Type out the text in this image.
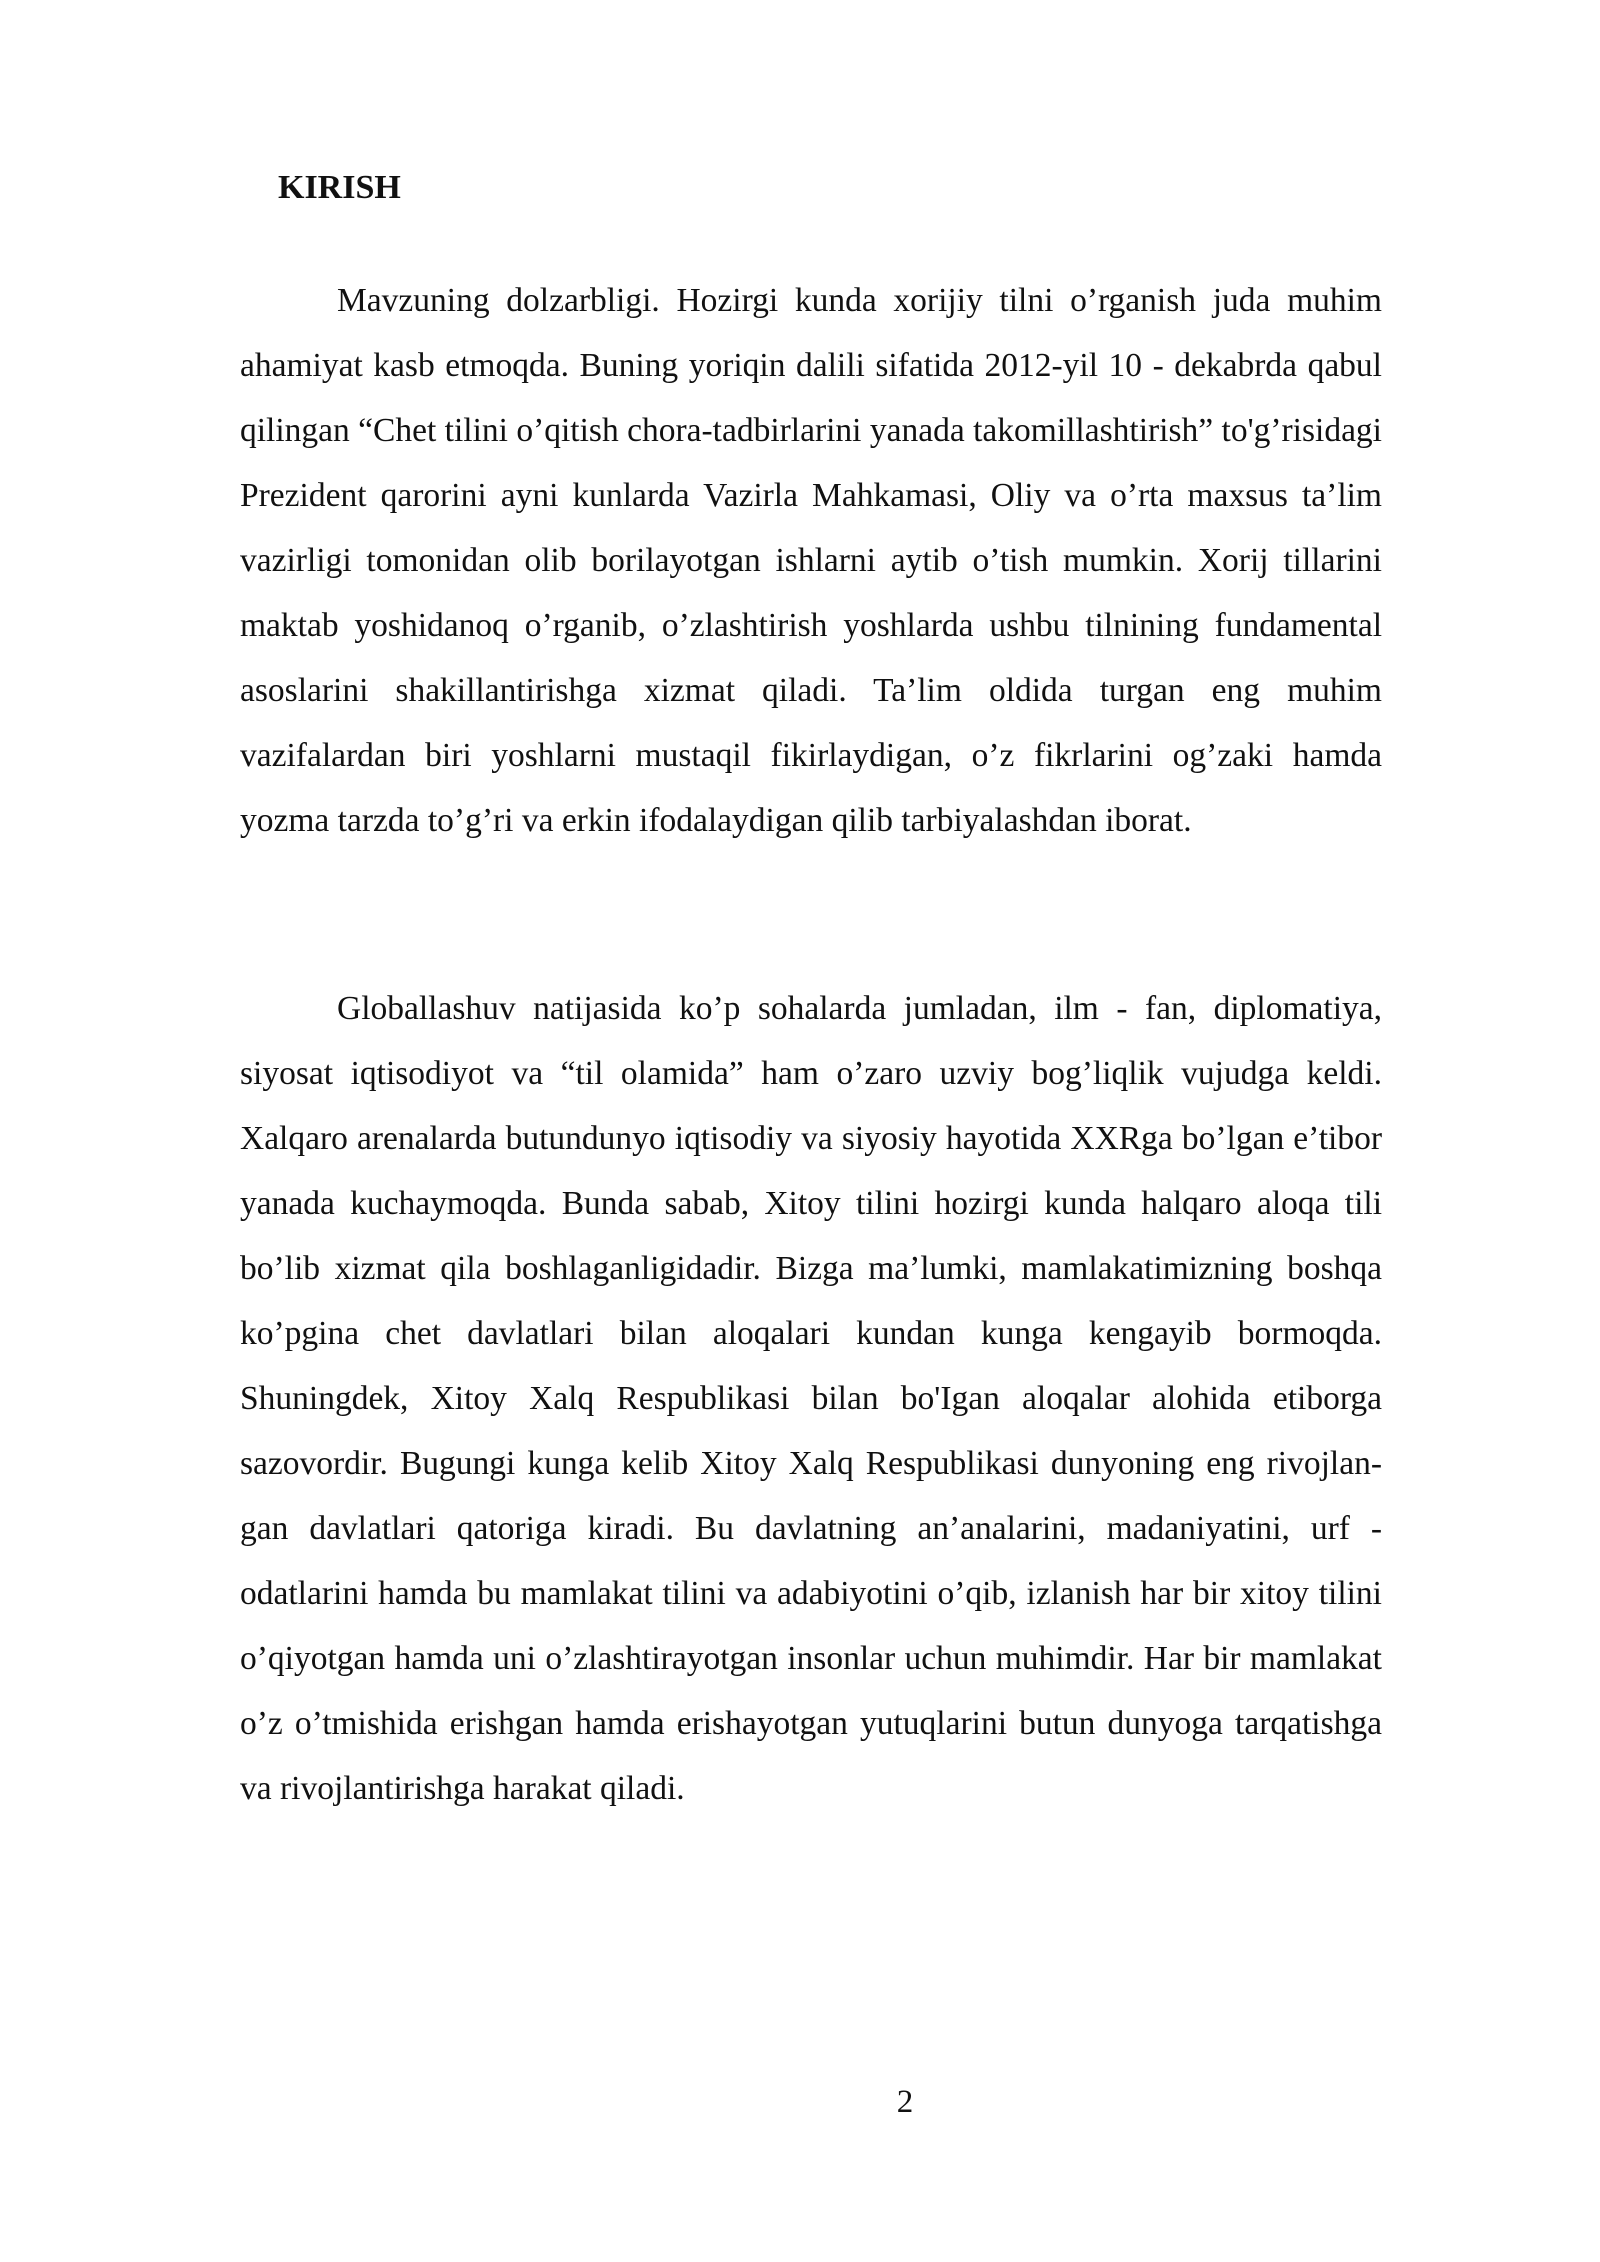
KIRISH

Mavzuning dolzarbligi. Hozirgi kunda xorijiy tilni o’rganish juda muhim ahamiyat kasb etmoqda. Buning yoriqin dalili sifatida 2012-yil 10 - dekabrda qabul qilingan “Chet tilini o’qitish chora-tadbirlarini yanada takomillashtirish” to'g’risidagi Prezident qarorini ayni kunlarda Vazirla Mahkamasi, Oliy va o’rta maxsus ta’lim vazirligi tomonidan olib borilayotgan ishlarni aytib o’tish mumkin. Xorij tillarini maktab yoshidanoq o’rganib, o’zlashtirish yoshlarda ushbu tilnining fundamental asoslarini shakillantirishga xizmat qiladi. Ta’lim oldida turgan eng muhim vazifalardan biri yoshlarni mustaqil fikirlaydigan, o’z fikrlarini og’zaki hamda yozma tarzda to’g’ri va erkin ifodalaydigan qilib tarbiyalashdan iborat.

Globallashuv natijasida ko’p sohalarda jumladan, ilm - fan, diplomatiya, siyosat iqtisodiyot va “til olamida” ham o’zaro uzviy bog’liqlik vujudga keldi. Xalqaro arenalarda butundunyo iqtisodiy va siyosiy hayotida XXRga bo’lgan e’tibor yanada kuchaymoqda. Bunda sabab, Xitoy tilini hozirgi kunda halqaro aloqa tili bo’lib xizmat qila boshlaganligidadir. Bizga ma’lumki, mamlakatimizning boshqa ko’pgina chet davlatlari bilan aloqalari kundan kunga kengayib bormoqda. Shuningdek, Xitoy Xalq Respublikasi bilan bo'Igan aloqalar alohida etiborga sazovordir. Bugungi kunga kelib Xitoy Xalq Respublikasi dunyoning eng rivojlan- gan davlatlari qatoriga kiradi. Bu davlatning an’analarini, madaniyatini, urf - odatlarini hamda bu mamlakat tilini va adabiyotini o’qib, izlanish har bir xitoy tilini o’qiyotgan hamda uni o’zlashtirayotgan insonlar uchun muhimdir. Har bir mamlakat o’z o’tmishida erishgan hamda erishayotgan yutuqlarini butun dunyoga tarqatishga va rivojlantirishga harakat qiladi.

2
